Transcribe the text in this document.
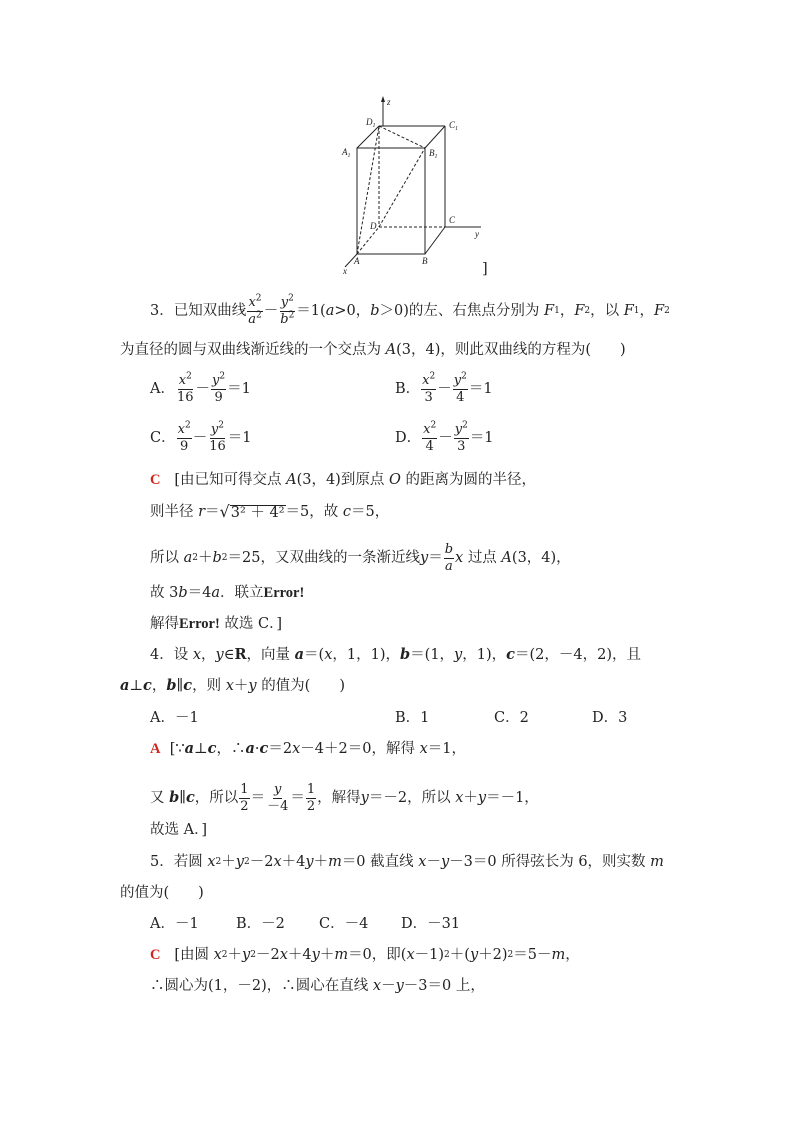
z
$D_1$	$C_1$
$A_1$	$B_1$
D
C
y
A	B
x	]
3． 已知双曲线 $\frac{x^2}{a^2} - \frac{y^2}{b^2} =1$( a >0， b ＞0)的左、右焦点分别为
F 1 ， F 2 ，以
F 1 ， F 2
为直径的圆与双曲线渐近线的一个交点为
A (3，4)，则此双曲线的方程为(　　)
A． $\frac{x^2}{16} - \frac{y^2}{9} =1$	B． $\frac{x^2}{3} - \frac{y^2}{4} =1$
C． $\frac{x^2}{9} - \frac{y^2}{16} =1$	D． $\frac{x^2}{4} - \frac{y^2}{3} =1$
C
[由已知可得交点
A (3，4)到原点
O
的距离为圆的半径，
则半径
r ＝ √ 3² ＋ 4² ＝5，故
c ＝5，
所以
a 2 ＋ b 2 ＝25，又双曲线的一条渐近线 $y = \frac{b}{a}$ x
过点
A (3，4)，
故 3 b ＝4 a ．联立 Error!
解得 Error!
故选 C．]
4． 设
x ， y ∈ R ，向量
a ＝( x ，1，1)， b ＝(1， y ，1)， c ＝(2，－4，2)，且
a ⊥ c ， b ∥ c ，则
x ＋ y
的值为(　　)
A．－1	B．1	C．2	D．3
A
[∵ a ⊥ c ，∴ a · c ＝2 x －4＋2＝0，解得
x ＝1，
又
b ∥ c ，所以 $\frac{1}{2} = \frac{y}{-4} = \frac{1}{2}$ ，解得 y ＝－2，所以
x ＋ y ＝－1，
故选 A．]
5． 若圆
x 2 ＋ y 2 －2 x ＋4 y ＋ m ＝0 截直线
x － y －3＝0 所得弦长为 6，则实数
m
的值为(　　)
A．－1	B．－2 C．－4 D．－31
C
[由圆
x 2 ＋ y 2 －2 x ＋4 y ＋ m ＝0，即( x －1) 2 ＋( y ＋2) 2 ＝5－ m ，
∴圆心为(1，－2)，∴圆心在直线
x － y －3＝0 上，
